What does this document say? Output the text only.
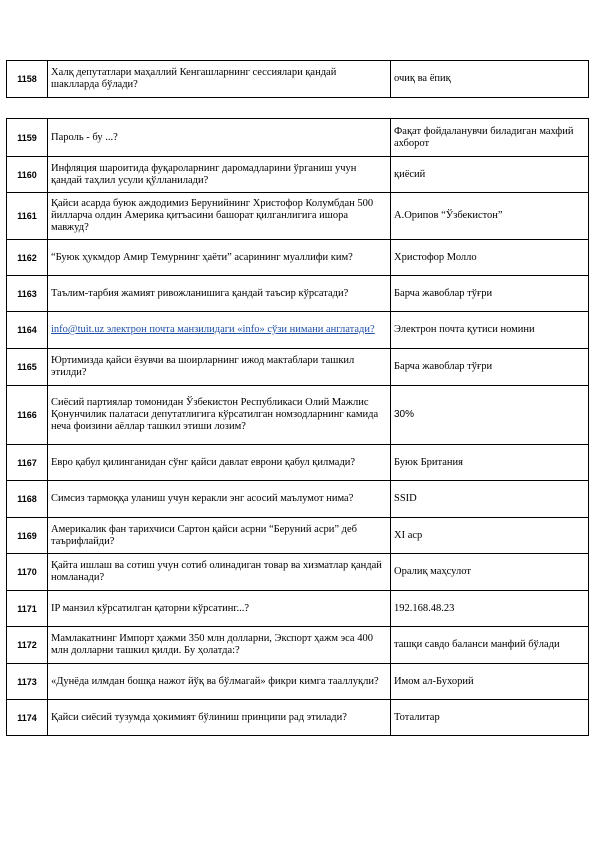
1158	Халқ депутатлари маҳаллий Кенгашларнинг сессиялари қандай шаклларда бўлади?	очиқ ва ёпиқ
1159	Пароль - бу ...?	Фақат фойдаланувчи биладиган махфий ахборот
1160	Инфляция шароитида фуқароларнинг даромадларини ўрганиш учун қандай таҳлил усули қўлланилади?	қиёсий
1161	Қайси асарда буюк аждодимиз Берунийнинг Христофор Колумбдан 500 йилларча олдин Америка қитъасини башорат қилганлигига ишора мавжуд?	А.Орипов “Ўзбекистон”
1162	“Буюк ҳукмдор Амир Темурнинг ҳаёти” асарининг муаллифи ким?	Христофор Молло
1163	Таълим-тарбия жамият ривожланишига қандай таъсир кўрсатади?	Барча жавоблар тўғри
1164	info@tuit.uz электрон почта манзилидаги «info» сўзи нимани англатади?	Электрон почта қутиси номини
1165	Юртимизда қайси ёзувчи ва шоирларнинг ижод мактаблари ташкил этилди?	Барча жавоблар тўғри
1166	Сиёсий партиялар томонидан Ўзбекистон Республикаси Олий Мажлис Қонунчилик палатаси депутатлигига кўрсатилган номзодларнинг камида неча фоизини аёллар ташкил этиши лозим?	30%
1167	Евро қабул қилинганидан сўнг қайси давлат еврони қабул қилмади?	Буюк Британия
1168	Симсиз тармоққа уланиш учун керакли энг асосий маълумот нима?	SSID
1169	Америкалик фан тарихчиси Сартон қайси асрни “Беруний асри” деб таърифлайди?	XI аср
1170	Қайта ишлаш ва сотиш учун сотиб олинадиган товар ва хизматлар қандай номланади?	Оралиқ маҳсулот
1171	IP манзил кўрсатилган қаторни кўрсатинг...?	192.168.48.23
1172	Мамлакатнинг Импорт ҳажми 350 млн долларни, Экспорт ҳажм эса 400 млн долларни ташкил қилди. Бу ҳолатда:?	ташқи савдо баланси манфий бўлади
1173	«Дунёда илмдан бошқа нажот йўқ ва бўлмагай» фикри кимга тааллуқли?	Имом ал-Бухорий
1174	Қайси сиёсий тузумда ҳокимият бўлиниш принципи рад этилади?	Тоталитар
